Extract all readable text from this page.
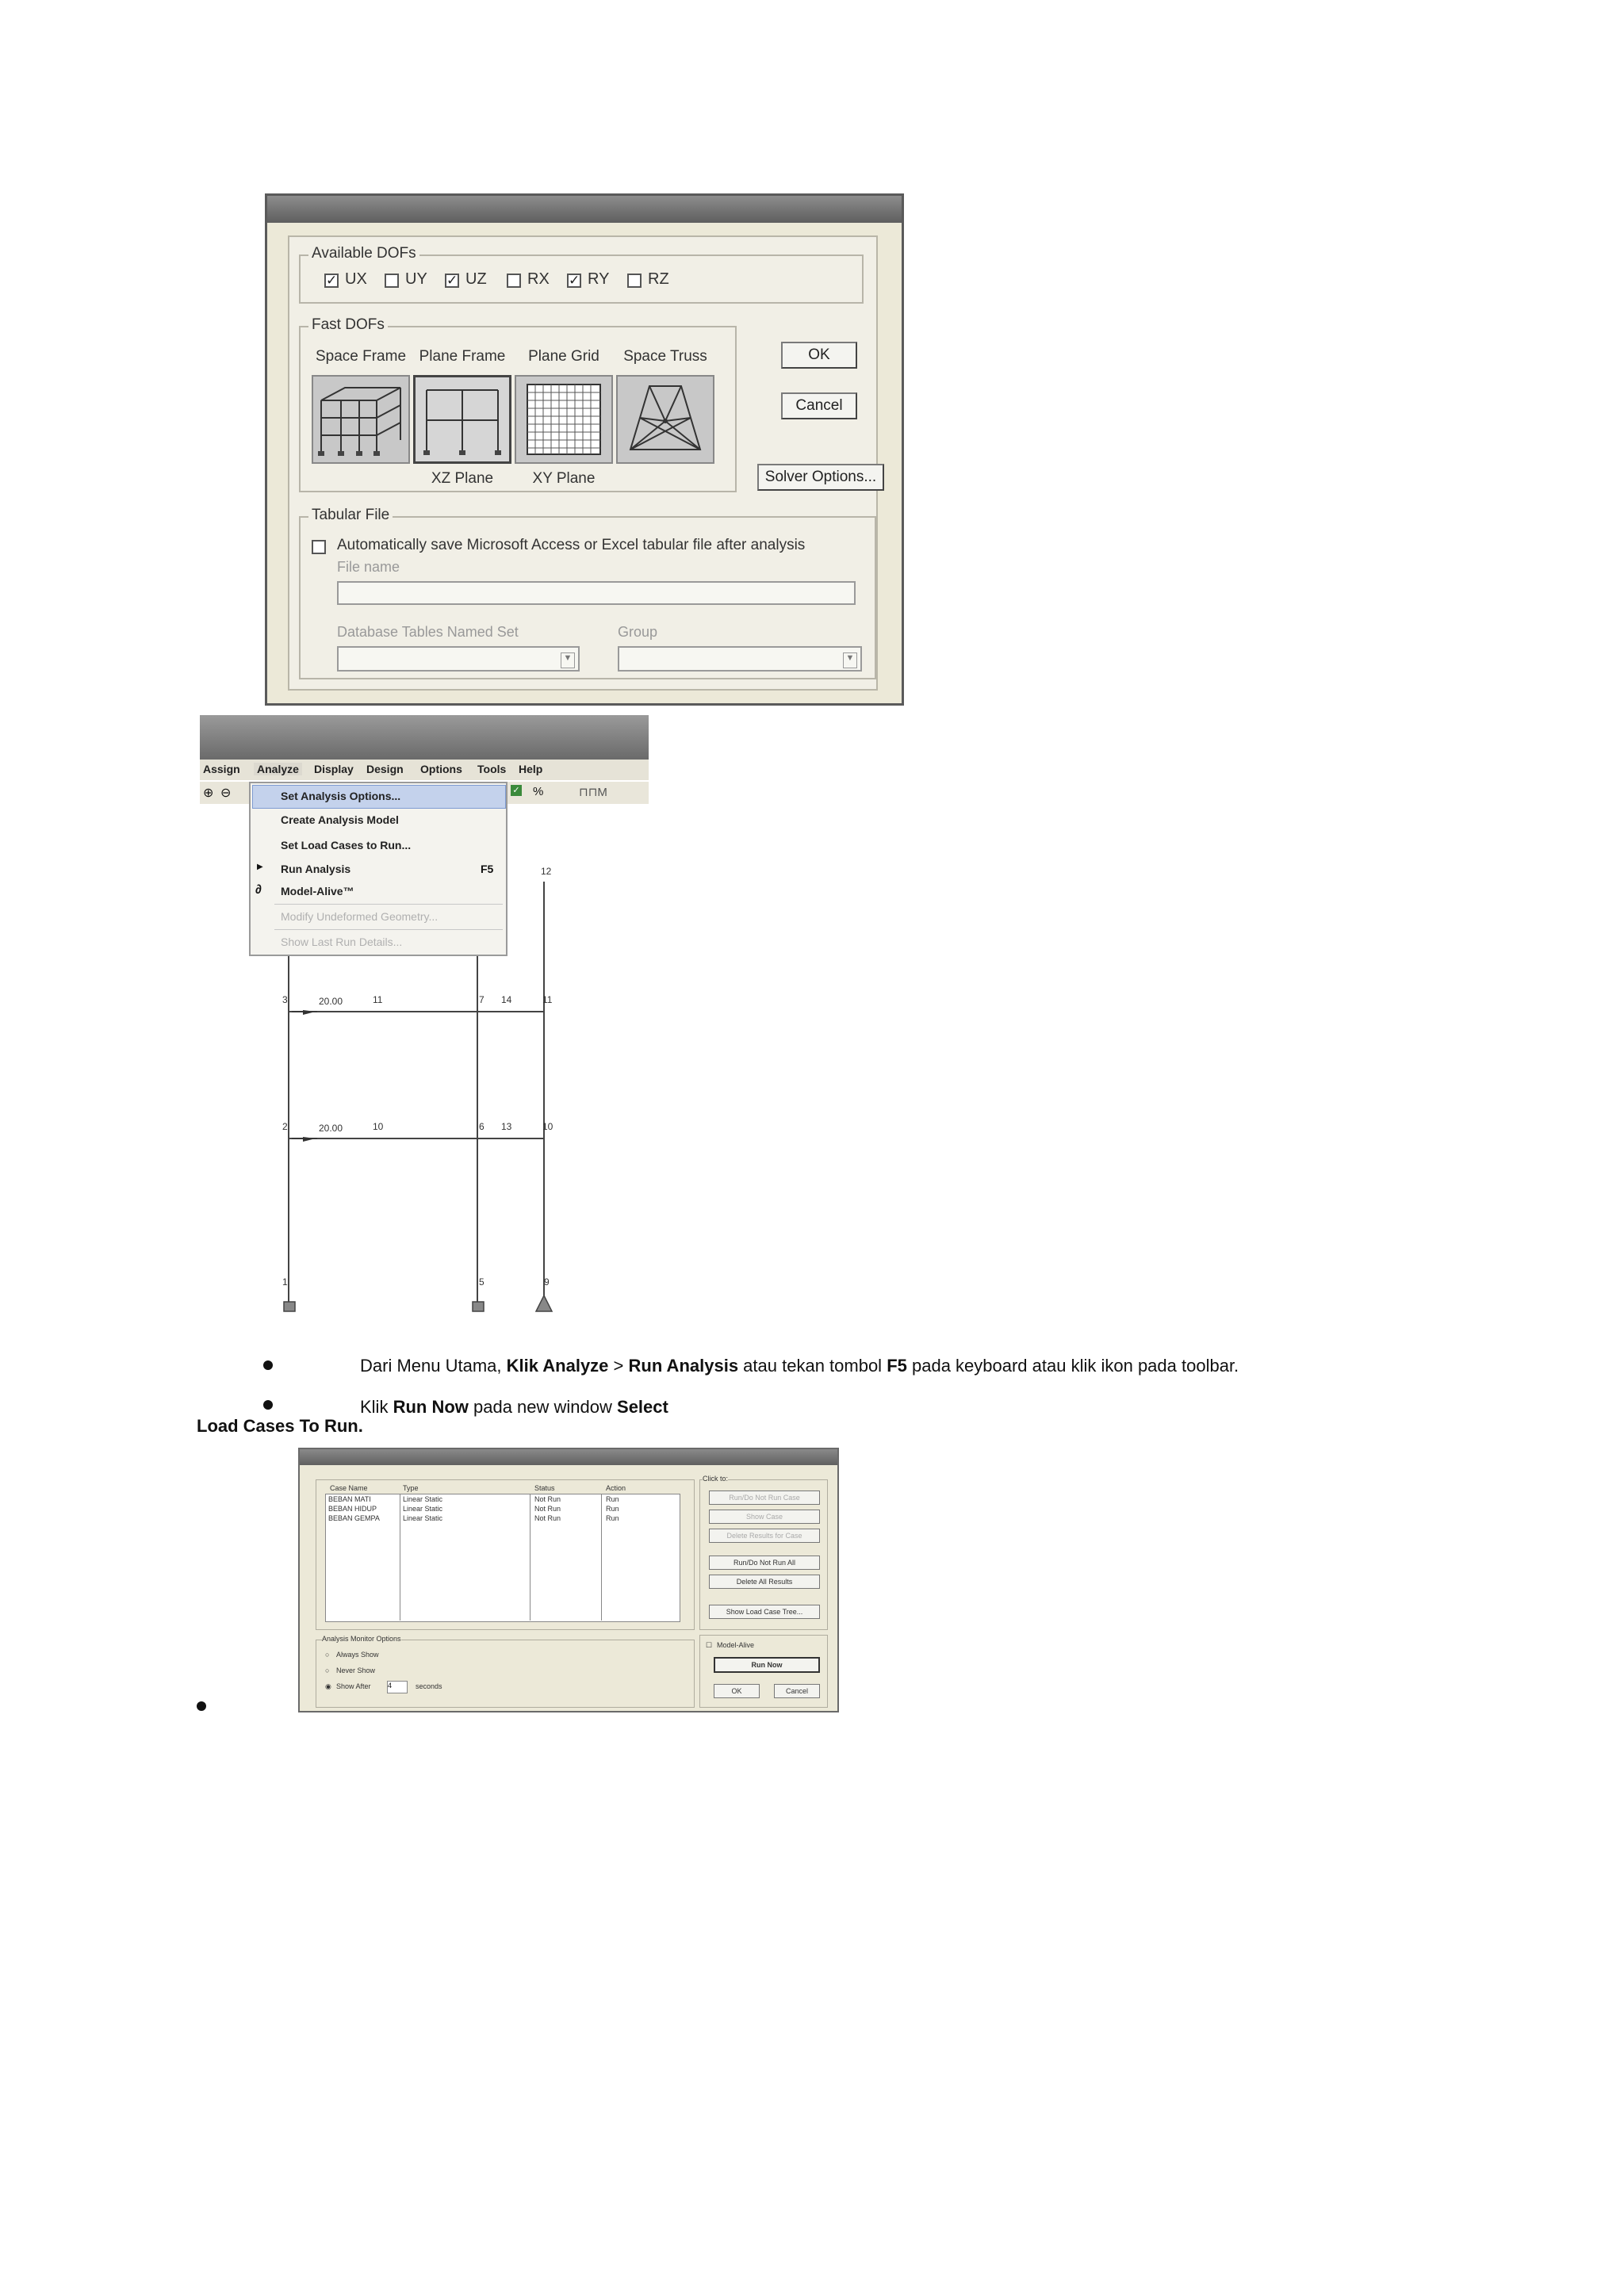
Available DOFs
✓ UX UY ✓ UZ	RX ✓ RY RZ
Fast DOFs
Space Frame Plane Frame	Plane Grid	Space Truss
XZ Plane	XY Plane
OK
Cancel
Solver Options...
Tabular File
Automatically save Microsoft Access or Excel tabular file after analysis
File name
Database Tables Named Set
▼
Group
▼
Assign Analyze Display Design Options Tools Help
⊕ ⊖	✓ %	⊓⊓M
12
3	20.00	11	7 14	11
2	20.00	10	6 13	10
1	5	9
Set Analysis Options...
Create Analysis Model
Set Load Cases to Run...
▶ Run Analysis	F5
∂ Model-Alive™
Modify Undeformed Geometry...
Show Last Run Details...
Dari Menu Utama, Klik Analyze > Run Analysis atau tekan tombol F5 pada keyboard atau klik ikon pada toolbar.
Klik Run Now pada new window Select
Load Cases To Run.
Case Name	Type	Status	Action
BEBAN MATI	Linear Static	Not Run	Run
BEBAN HIDUP	Linear Static	Not Run	Run
BEBAN GEMPA	Linear Static	Not Run	Run
Click to:
Run/Do Not Run Case
Show Case
Delete Results for Case
Run/Do Not Run All
Delete All Results
Show Load Case Tree...
Analysis Monitor Options
○ Always Show
○ Never Show
◉ Show After 4	seconds
☐ Model-Alive
Run Now
OK	Cancel
